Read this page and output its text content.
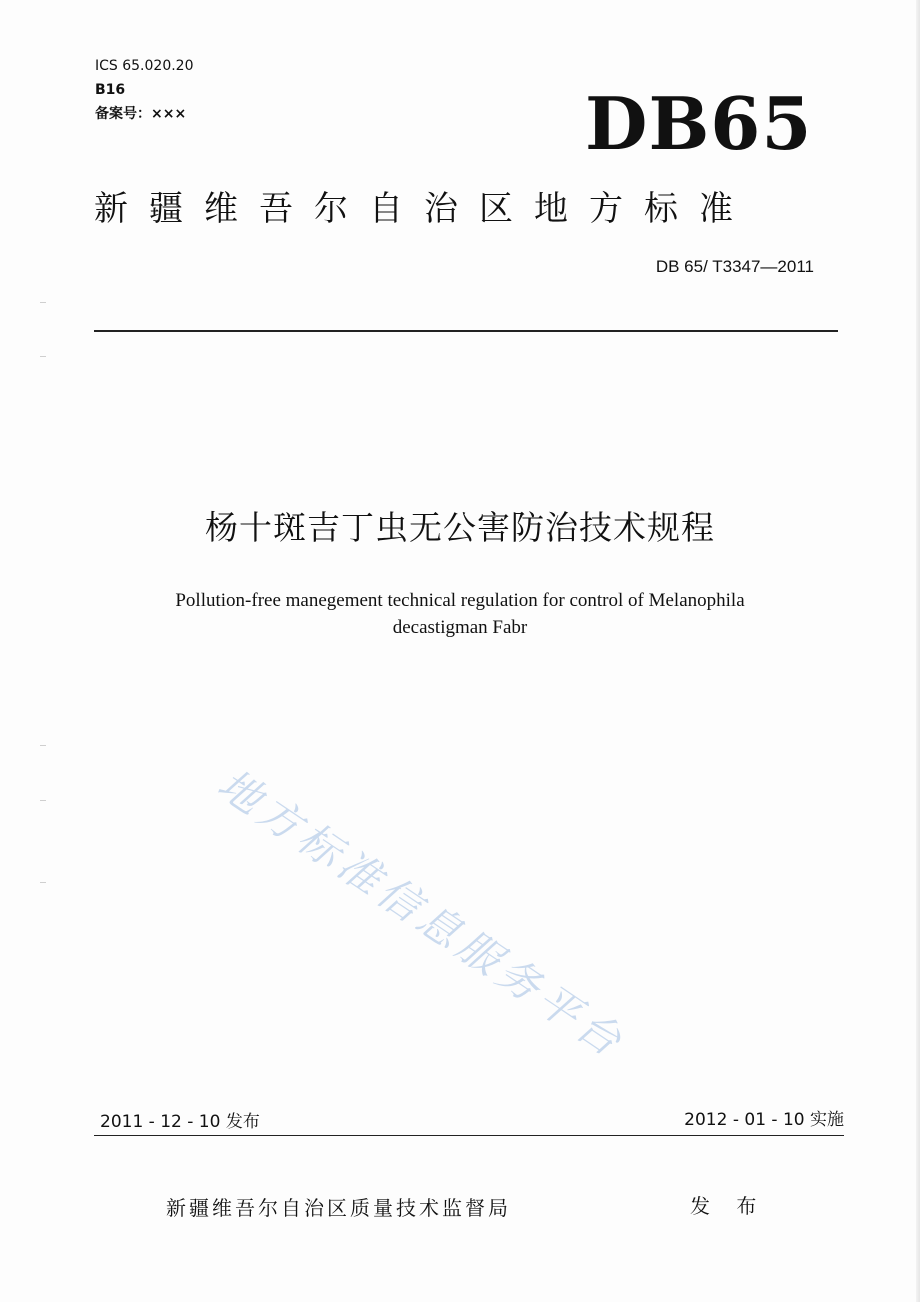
ICS 65.020.20
B16
备案号：×××	DB65
新疆维吾尔自治区地方标准
DB 65/ T3347—2011
杨十斑吉丁虫无公害防治技术规程
Pollution-free manegement technical regulation for control of Melanophila
decastigman Fabr
地方标准信息服务平台
2011 - 12 - 10 发布	2012 - 01 - 10 实施
新疆维吾尔自治区质量技术监督局	发 布
